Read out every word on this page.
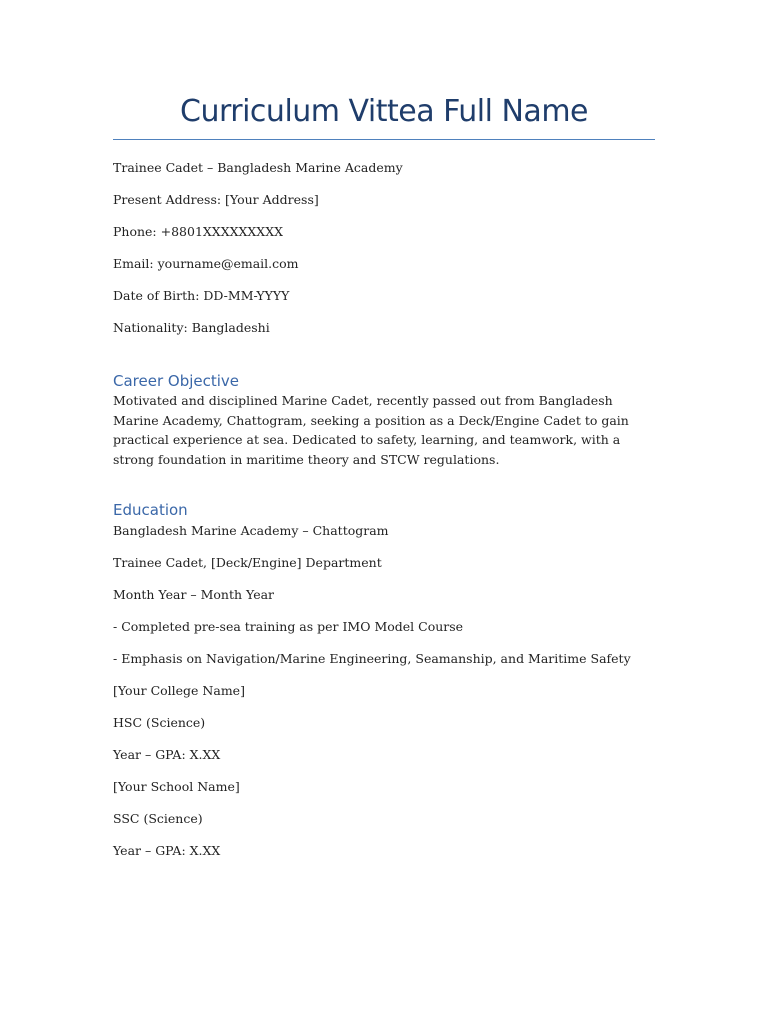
Curriculum Vittea Full Name
Trainee Cadet – Bangladesh Marine Academy
Present Address: [Your Address]
Phone: +8801XXXXXXXXX
Email: yourname@email.com
Date of Birth: DD-MM-YYYY
Nationality: Bangladeshi
Career Objective
Motivated and disciplined Marine Cadet, recently passed out from Bangladesh Marine Academy, Chattogram, seeking a position as a Deck/Engine Cadet to gain practical experience at sea. Dedicated to safety, learning, and teamwork, with a strong foundation in maritime theory and STCW regulations.
Education
Bangladesh Marine Academy – Chattogram
Trainee Cadet, [Deck/Engine] Department
Month Year – Month Year
- Completed pre-sea training as per IMO Model Course
- Emphasis on Navigation/Marine Engineering, Seamanship, and Maritime Safety
[Your College Name]
HSC (Science)
Year – GPA: X.XX
[Your School Name]
SSC (Science)
Year – GPA: X.XX
